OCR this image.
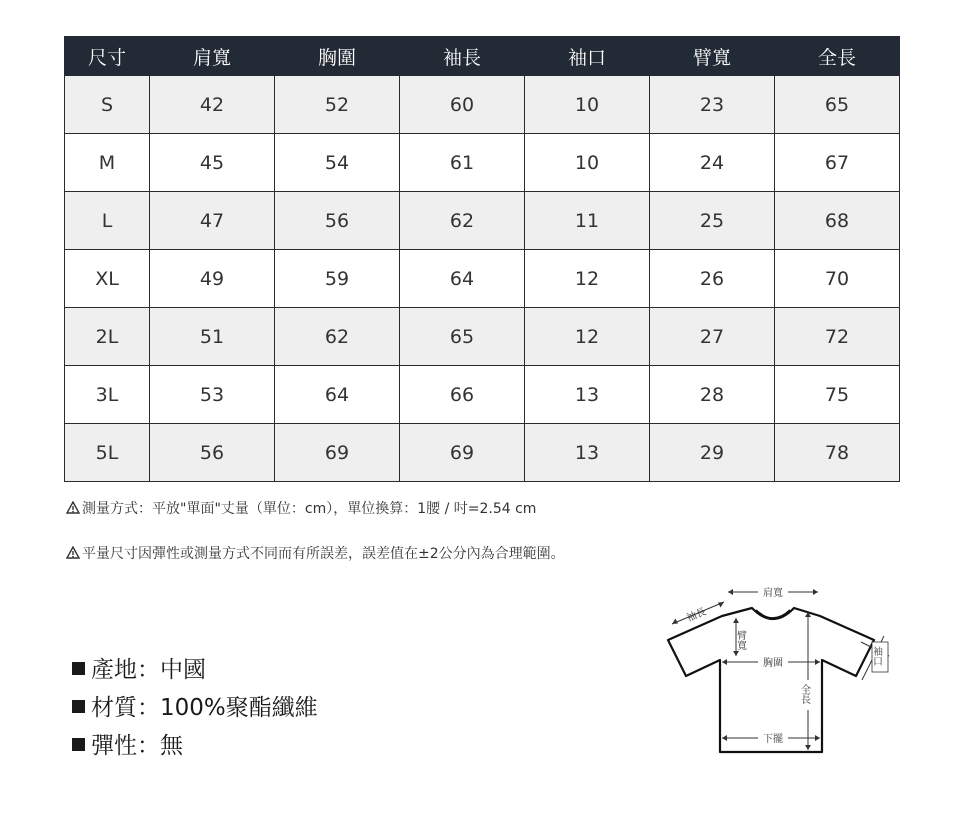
尺寸	肩寬	胸圍	袖長	袖口	臂寬	全長
S	42	52	60	10	23	65
M	45	54	61	10	24	67
L	47	56	62	11	25	68
XL	49	59	64	12	26	70
2L	51	62	65	12	27	72
3L	53	64	66	13	28	75
5L	56	69	69	13	29	78
測量方式：平放"單面"丈量（單位：cm），單位換算：1腰 / 吋=2.54 cm
平量尺寸因彈性或測量方式不同而有所誤差，誤差值在±2公分內為合理範圍。
產地：中國
材質：100%聚酯纖維
彈性：無
肩寬
袖長
臂寬
胸圍
全長
下擺
袖口
